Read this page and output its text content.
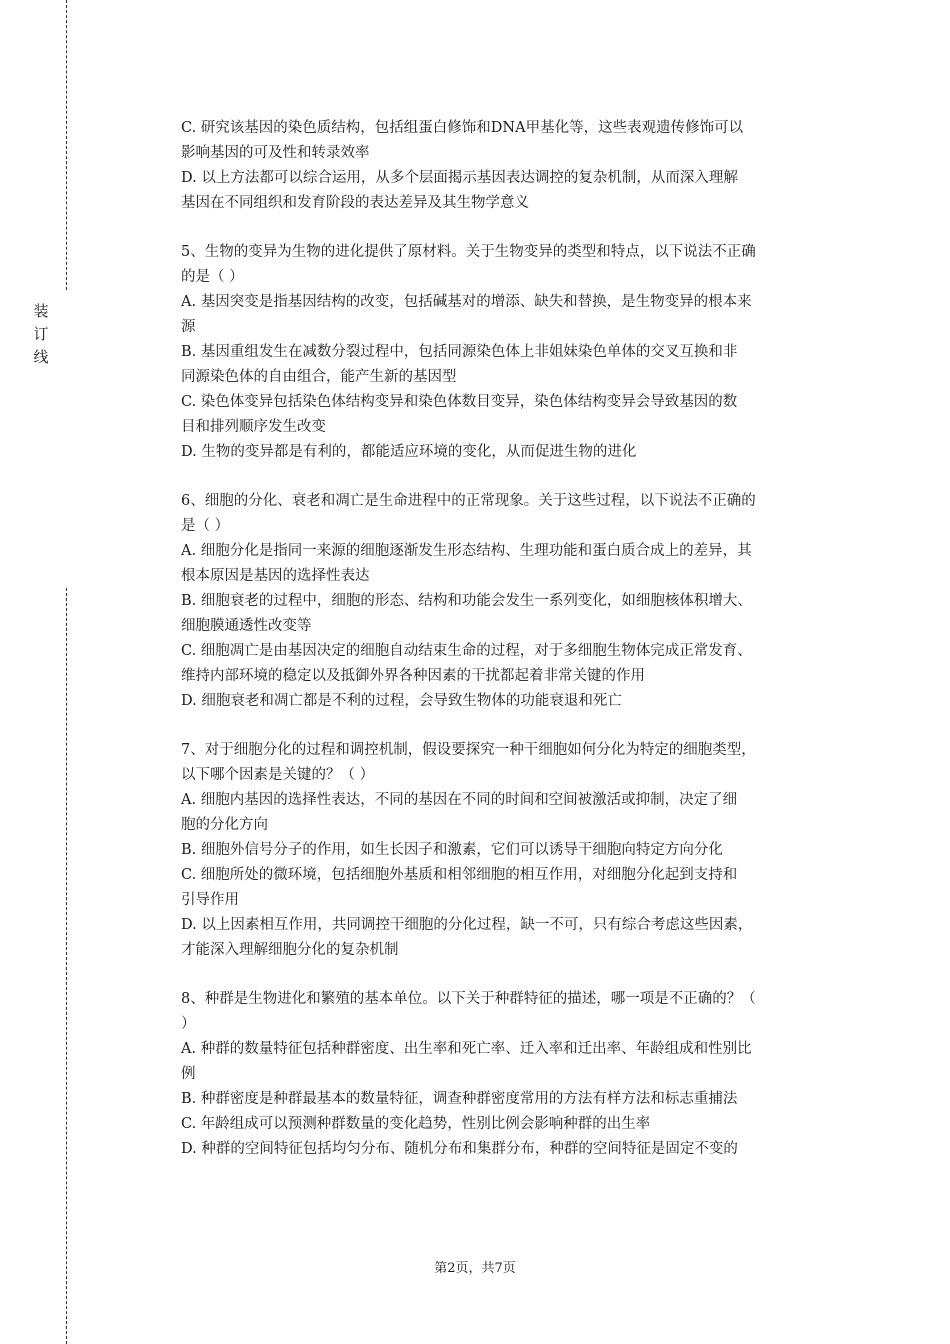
装订线
C. 研究该基因的染色质结构，包括组蛋白修饰和DNA甲基化等，这些表观遗传修饰可以
影响基因的可及性和转录效率
D. 以上方法都可以综合运用，从多个层面揭示基因表达调控的复杂机制，从而深入理解
基因在不同组织和发育阶段的表达差异及其生物学意义
5、生物的变异为生物的进化提供了原材料。关于生物变异的类型和特点，以下说法不正确
的是（ ）
A. 基因突变是指基因结构的改变，包括碱基对的增添、缺失和替换，是生物变异的根本来
源
B. 基因重组发生在减数分裂过程中，包括同源染色体上非姐妹染色单体的交叉互换和非
同源染色体的自由组合，能产生新的基因型
C. 染色体变异包括染色体结构变异和染色体数目变异，染色体结构变异会导致基因的数
目和排列顺序发生改变
D. 生物的变异都是有利的，都能适应环境的变化，从而促进生物的进化
6、细胞的分化、衰老和凋亡是生命进程中的正常现象。关于这些过程，以下说法不正确的
是（ ）
A. 细胞分化是指同一来源的细胞逐渐发生形态结构、生理功能和蛋白质合成上的差异，其
根本原因是基因的选择性表达
B. 细胞衰老的过程中，细胞的形态、结构和功能会发生一系列变化，如细胞核体积增大、
细胞膜通透性改变等
C. 细胞凋亡是由基因决定的细胞自动结束生命的过程，对于多细胞生物体完成正常发育、
维持内部环境的稳定以及抵御外界各种因素的干扰都起着非常关键的作用
D. 细胞衰老和凋亡都是不利的过程，会导致生物体的功能衰退和死亡
7、对于细胞分化的过程和调控机制，假设要探究一种干细胞如何分化为特定的细胞类型，
以下哪个因素是关键的？（ ）
A. 细胞内基因的选择性表达，不同的基因在不同的时间和空间被激活或抑制，决定了细
胞的分化方向
B. 细胞外信号分子的作用，如生长因子和激素，它们可以诱导干细胞向特定方向分化
C. 细胞所处的微环境，包括细胞外基质和相邻细胞的相互作用，对细胞分化起到支持和
引导作用
D. 以上因素相互作用，共同调控干细胞的分化过程，缺一不可，只有综合考虑这些因素，
才能深入理解细胞分化的复杂机制
8、种群是生物进化和繁殖的基本单位。以下关于种群特征的描述，哪一项是不正确的？（
）
A. 种群的数量特征包括种群密度、出生率和死亡率、迁入率和迁出率、年龄组成和性别比
例
B. 种群密度是种群最基本的数量特征，调查种群密度常用的方法有样方法和标志重捕法
C. 年龄组成可以预测种群数量的变化趋势，性别比例会影响种群的出生率
D. 种群的空间特征包括均匀分布、随机分布和集群分布，种群的空间特征是固定不变的
第2页，共7页
